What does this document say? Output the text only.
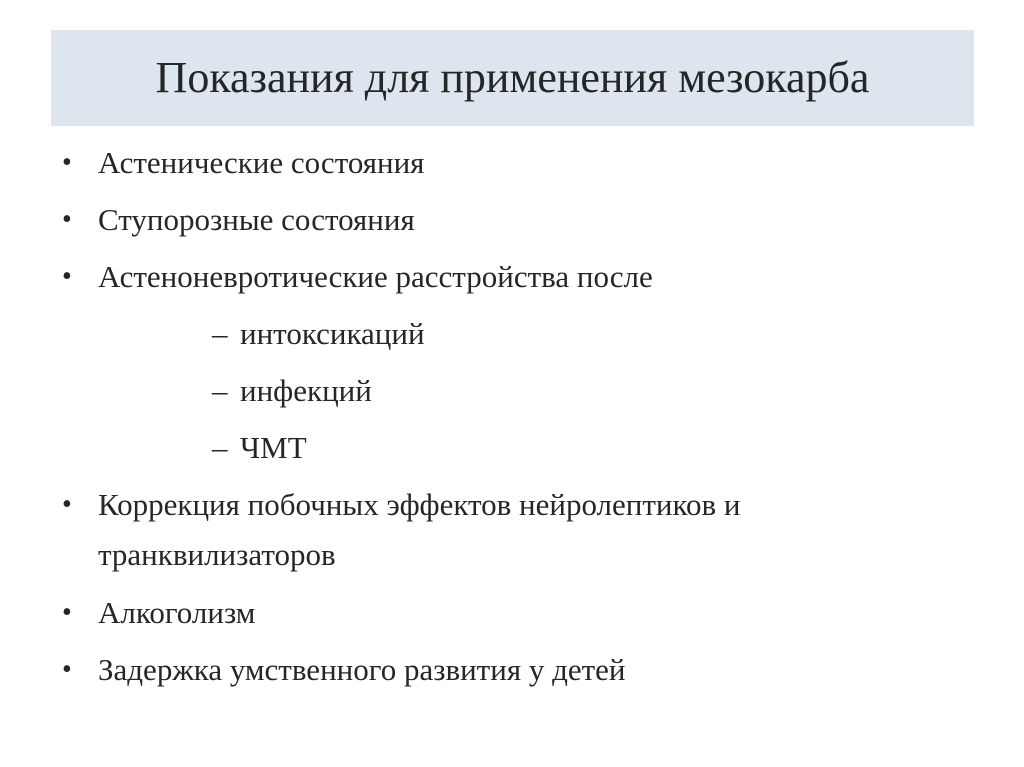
Показания для применения мезокарба
• Астенические состояния
• Ступорозные состояния
• Астеноневротические расстройства после
– интоксикаций
– инфекций
– ЧМТ
• Коррекция побочных эффектов нейролептиков и
транквилизаторов
• Алкоголизм
• Задержка умственного развития у детей
